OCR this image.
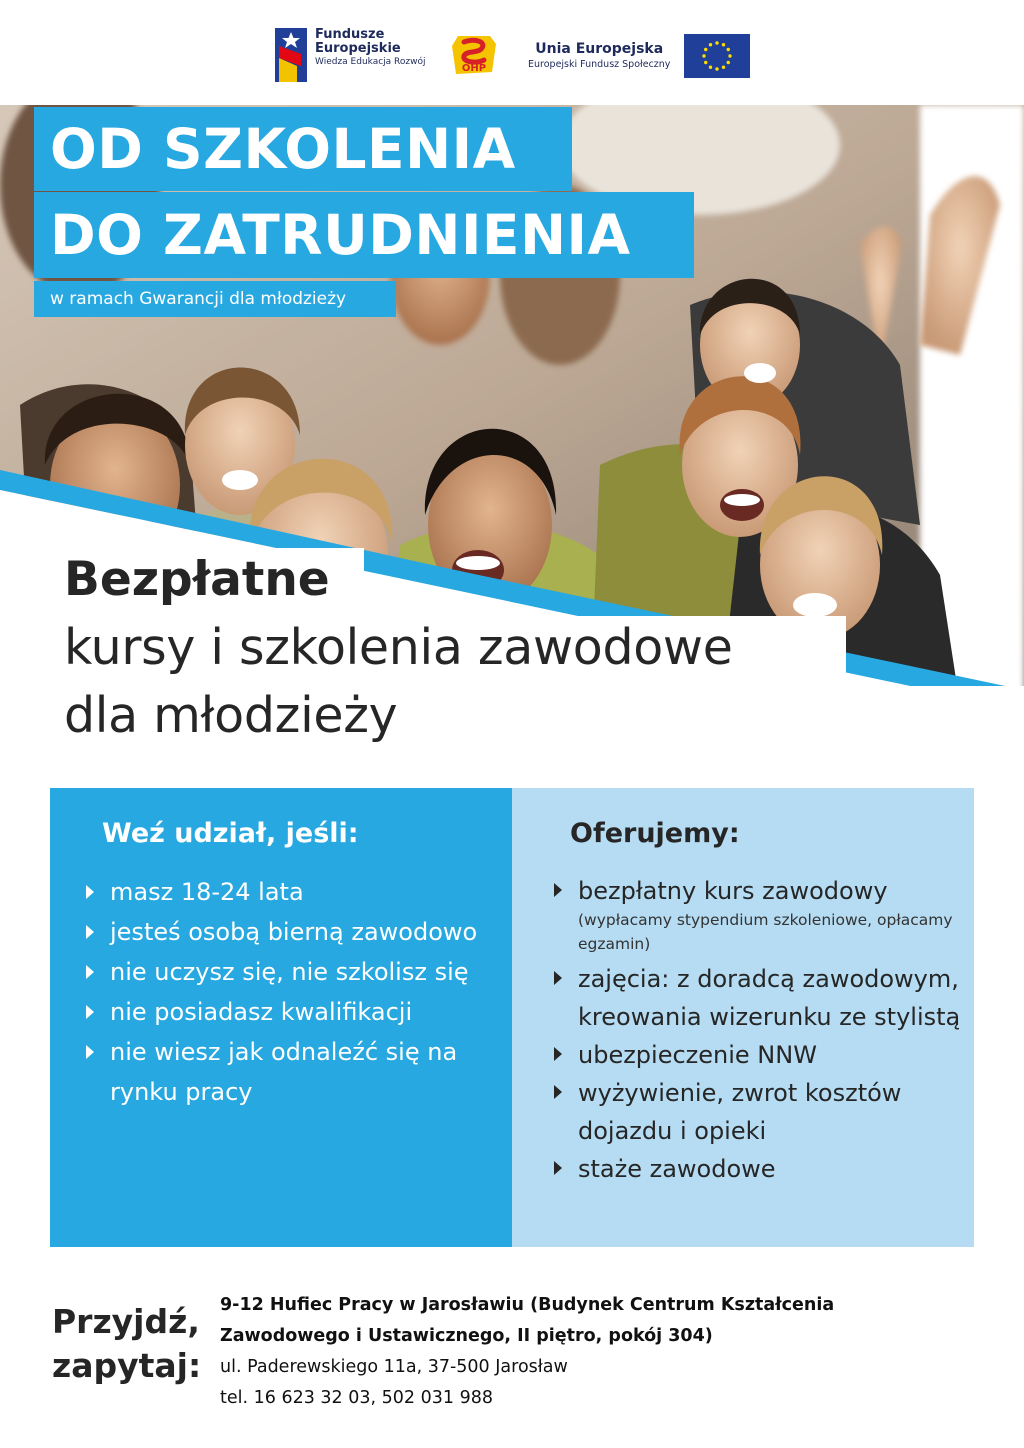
Fundusze
Europejskie
Wiedza Edukacja Rozwój
OHP
Unia Europejska
Europejski Fundusz Społeczny
OD SZKOLENIA
DO ZATRUDNIENIA
w ramach Gwarancji dla młodzieży
Bezpłatne
kursy i szkolenia zawodowe
dla młodzieży
Weź udział, jeśli:
masz 18-24 lata
jesteś osobą bierną zawodowo
nie uczysz się, nie szkolisz się
nie posiadasz kwalifikacji
nie wiesz jak odnaleźć się na rynku pracy
Oferujemy:
bezpłatny kurs zawodowy
(wypłacamy stypendium szkoleniowe, opłacamy egzamin)
zajęcia: z doradcą zawodowym, kreowania wizerunku ze stylistą
ubezpieczenie NNW
wyżywienie, zwrot kosztów dojazdu i opieki
staże zawodowe
Przyjdź,
zapytaj:
9-12 Hufiec Pracy w Jarosławiu (Budynek Centrum Kształcenia
Zawodowego i Ustawicznego, II piętro, pokój 304)
ul. Paderewskiego 11a, 37-500 Jarosław
tel. 16 623 32 03, 502 031 988
